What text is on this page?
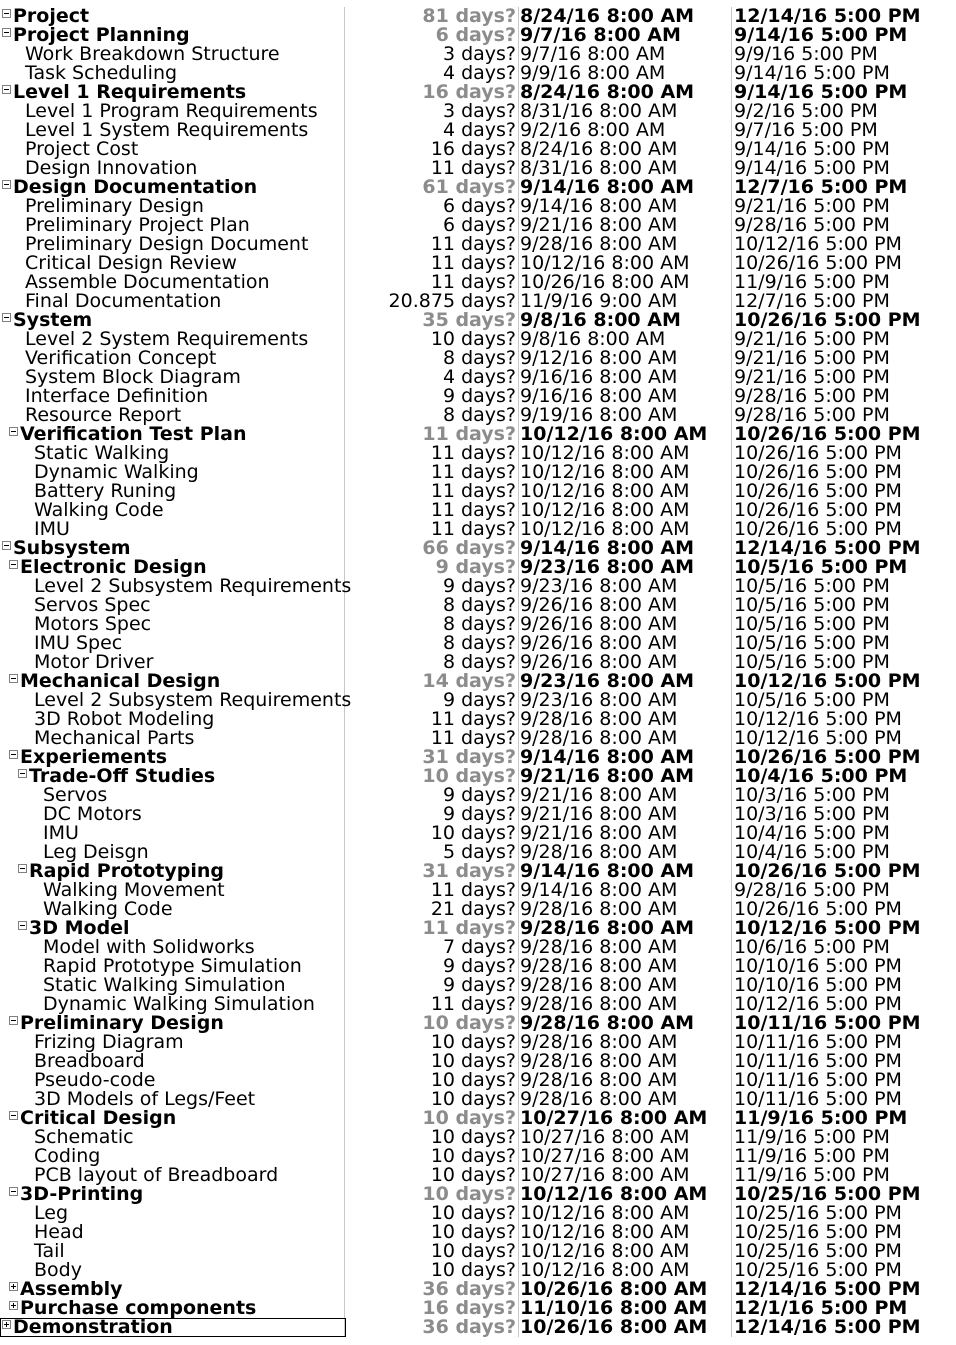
Project	81 days? 8/24/16 8:00 AM	12/14/16 5:00 PM
Project Planning	6 days? 9/7/16 8:00 AM	9/14/16 5:00 PM
Work Breakdown Structure	3 days? 9/7/16 8:00 AM	9/9/16 5:00 PM
Task Scheduling	4 days? 9/9/16 8:00 AM	9/14/16 5:00 PM
Level 1 Requirements	16 days? 8/24/16 8:00 AM	9/14/16 5:00 PM
Level 1 Program Requirements	3 days? 8/31/16 8:00 AM	9/2/16 5:00 PM
Level 1 System Requirements	4 days? 9/2/16 8:00 AM	9/7/16 5:00 PM
Project Cost	16 days? 8/24/16 8:00 AM	9/14/16 5:00 PM
Design Innovation	11 days? 8/31/16 8:00 AM	9/14/16 5:00 PM
Design Documentation	61 days? 9/14/16 8:00 AM	12/7/16 5:00 PM
Preliminary Design	6 days? 9/14/16 8:00 AM	9/21/16 5:00 PM
Preliminary Project Plan	6 days? 9/21/16 8:00 AM	9/28/16 5:00 PM
Preliminary Design Document	11 days? 9/28/16 8:00 AM	10/12/16 5:00 PM
Critical Design Review	11 days? 10/12/16 8:00 AM	10/26/16 5:00 PM
Assemble Documentation	11 days? 10/26/16 8:00 AM	11/9/16 5:00 PM
Final Documentation	20.875 days? 11/9/16 9:00 AM	12/7/16 5:00 PM
System	35 days? 9/8/16 8:00 AM	10/26/16 5:00 PM
Level 2 System Requirements	10 days? 9/8/16 8:00 AM	9/21/16 5:00 PM
Verification Concept	8 days? 9/12/16 8:00 AM	9/21/16 5:00 PM
System Block Diagram	4 days? 9/16/16 8:00 AM	9/21/16 5:00 PM
Interface Definition	9 days? 9/16/16 8:00 AM	9/28/16 5:00 PM
Resource Report	8 days? 9/19/16 8:00 AM	9/28/16 5:00 PM
Verification Test Plan	11 days? 10/12/16 8:00 AM	10/26/16 5:00 PM
Static Walking	11 days? 10/12/16 8:00 AM	10/26/16 5:00 PM
Dynamic Walking	11 days? 10/12/16 8:00 AM	10/26/16 5:00 PM
Battery Runing	11 days? 10/12/16 8:00 AM	10/26/16 5:00 PM
Walking Code	11 days? 10/12/16 8:00 AM	10/26/16 5:00 PM
IMU	11 days? 10/12/16 8:00 AM	10/26/16 5:00 PM
Subsystem	66 days? 9/14/16 8:00 AM	12/14/16 5:00 PM
Electronic Design	9 days? 9/23/16 8:00 AM	10/5/16 5:00 PM
Level 2 Subsystem Requirements	9 days? 9/23/16 8:00 AM	10/5/16 5:00 PM
Servos Spec	8 days? 9/26/16 8:00 AM	10/5/16 5:00 PM
Motors Spec	8 days? 9/26/16 8:00 AM	10/5/16 5:00 PM
IMU Spec	8 days? 9/26/16 8:00 AM	10/5/16 5:00 PM
Motor Driver	8 days? 9/26/16 8:00 AM	10/5/16 5:00 PM
Mechanical Design	14 days? 9/23/16 8:00 AM	10/12/16 5:00 PM
Level 2 Subsystem Requirements	9 days? 9/23/16 8:00 AM	10/5/16 5:00 PM
3D Robot Modeling	11 days? 9/28/16 8:00 AM	10/12/16 5:00 PM
Mechanical Parts	11 days? 9/28/16 8:00 AM	10/12/16 5:00 PM
Experiements	31 days? 9/14/16 8:00 AM	10/26/16 5:00 PM
Trade-Off Studies	10 days? 9/21/16 8:00 AM	10/4/16 5:00 PM
Servos	9 days? 9/21/16 8:00 AM	10/3/16 5:00 PM
DC Motors	9 days? 9/21/16 8:00 AM	10/3/16 5:00 PM
IMU	10 days? 9/21/16 8:00 AM	10/4/16 5:00 PM
Leg Deisgn	5 days? 9/28/16 8:00 AM	10/4/16 5:00 PM
Rapid Prototyping	31 days? 9/14/16 8:00 AM	10/26/16 5:00 PM
Walking Movement	11 days? 9/14/16 8:00 AM	9/28/16 5:00 PM
Walking Code	21 days? 9/28/16 8:00 AM	10/26/16 5:00 PM
3D Model	11 days? 9/28/16 8:00 AM	10/12/16 5:00 PM
Model with Solidworks	7 days? 9/28/16 8:00 AM	10/6/16 5:00 PM
Rapid Prototype Simulation	9 days? 9/28/16 8:00 AM	10/10/16 5:00 PM
Static Walking Simulation	9 days? 9/28/16 8:00 AM	10/10/16 5:00 PM
Dynamic Walking Simulation	11 days? 9/28/16 8:00 AM	10/12/16 5:00 PM
Preliminary Design	10 days? 9/28/16 8:00 AM	10/11/16 5:00 PM
Frizing Diagram	10 days? 9/28/16 8:00 AM	10/11/16 5:00 PM
Breadboard	10 days? 9/28/16 8:00 AM	10/11/16 5:00 PM
Pseudo-code	10 days? 9/28/16 8:00 AM	10/11/16 5:00 PM
3D Models of Legs/Feet	10 days? 9/28/16 8:00 AM	10/11/16 5:00 PM
Critical Design	10 days? 10/27/16 8:00 AM	11/9/16 5:00 PM
Schematic	10 days? 10/27/16 8:00 AM	11/9/16 5:00 PM
Coding	10 days? 10/27/16 8:00 AM	11/9/16 5:00 PM
PCB layout of Breadboard	10 days? 10/27/16 8:00 AM	11/9/16 5:00 PM
3D-Printing	10 days? 10/12/16 8:00 AM	10/25/16 5:00 PM
Leg	10 days? 10/12/16 8:00 AM	10/25/16 5:00 PM
Head	10 days? 10/12/16 8:00 AM	10/25/16 5:00 PM
Tail	10 days? 10/12/16 8:00 AM	10/25/16 5:00 PM
Body	10 days? 10/12/16 8:00 AM	10/25/16 5:00 PM
Assembly	36 days? 10/26/16 8:00 AM	12/14/16 5:00 PM
Purchase components	16 days? 11/10/16 8:00 AM	12/1/16 5:00 PM
Demonstration	36 days? 10/26/16 8:00 AM	12/14/16 5:00 PM
